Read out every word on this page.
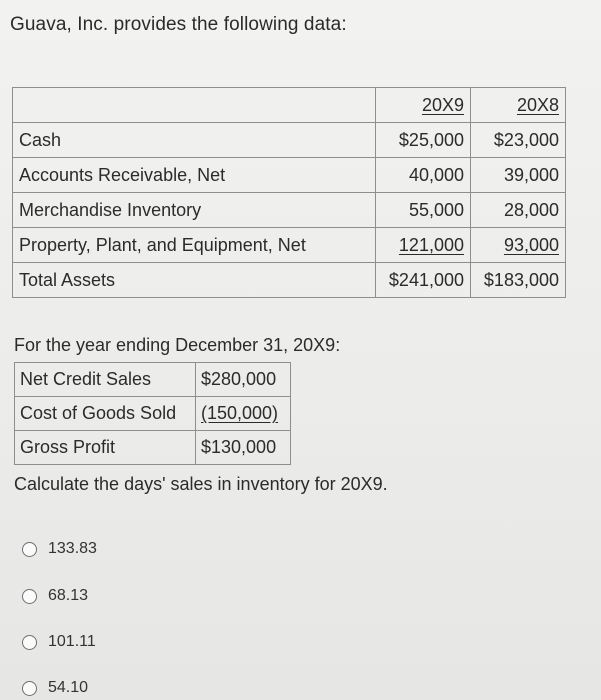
Guava, Inc. provides the following data:
	20X9	20X8
Cash	$25,000	$23,000
Accounts Receivable, Net	40,000	39,000
Merchandise Inventory	55,000	28,000
Property, Plant, and Equipment, Net	121,000	93,000
Total Assets	$241,000	$183,000
For the year ending December 31, 20X9:
Net Credit Sales	$280,000
Cost of Goods Sold	(150,000)
Gross Profit	$130,000
Calculate the days' sales in inventory for 20X9.
133.83
68.13
101.11
54.10
